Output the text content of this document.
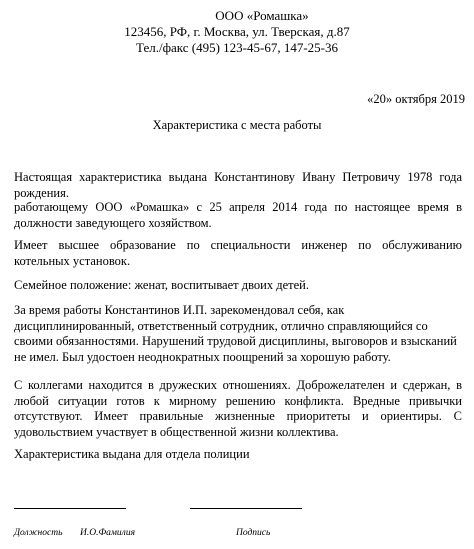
ООО «Ромашка»
123456, РФ, г. Москва, ул. Тверская, д.87
Тел./факс (495) 123-45-67, 147-25-36
«20» октября 2019
Характеристика с места работы
Настоящая характеристика выдана Константинову Ивану Петровичу 1978 года рождения.
работающему ООО «Ромашка» с 25 апреля 2014 года по настоящее время в должности заведующего хозяйством.
Имеет высшее образование по специальности инженер по обслуживанию котельных установок.
Семейное положение: женат, воспитывает двоих детей.
За время работы Константинов И.П. зарекомендовал себя, как дисциплинированный, ответственный сотрудник, отлично справляющийся со своими обязанностями. Нарушений трудовой дисциплины, выговоров и взысканий не имел. Был удостоен неоднократных поощрений за хорошую работу.
С коллегами находится в дружеских отношениях. Доброжелателен и сдержан, в любой ситуации готов к мирному решению конфликта. Вредные привычки отсутствуют. Имеет правильные жизненные приоритеты и ориентиры. С удовольствием участвует в общественной жизни коллектива.
Характеристика выдана для отдела полиции
Должность И.О.Фамилия	Подпись
